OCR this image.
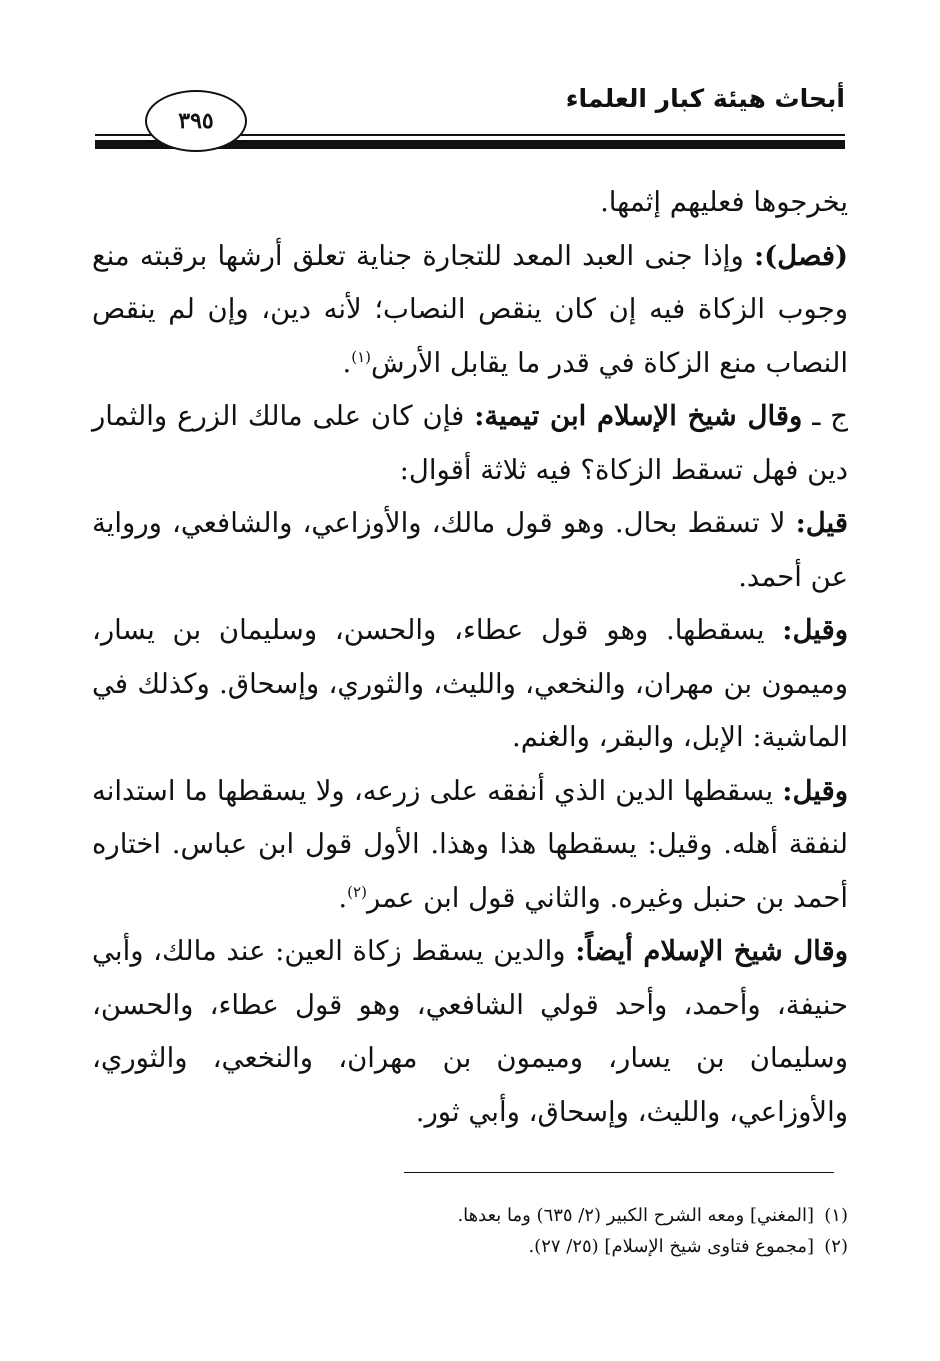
أبحاث هيئة كبار العلماء
٣٩٥

يخرجوها فعليهم إثمها.

(فصل): وإذا جنى العبد المعد للتجارة جناية تعلق أرشها برقبته منع وجوب الزكاة فيه إن كان ينقص النصاب؛ لأنه دين، وإن لم ينقص النصاب منع الزكاة في قدر ما يقابل الأرش$^{(١)}$.

ج ـ وقال شيخ الإسلام ابن تيمية: فإن كان على مالك الزرع والثمار دين فهل تسقط الزكاة؟ فيه ثلاثة أقوال:

قيل: لا تسقط بحال. وهو قول مالك، والأوزاعي، والشافعي، ورواية عن أحمد.

وقيل: يسقطها. وهو قول عطاء، والحسن، وسليمان بن يسار، وميمون بن مهران، والنخعي، والليث، والثوري، وإسحاق. وكذلك في الماشية: الإبل، والبقر، والغنم.

وقيل: يسقطها الدين الذي أنفقه على زرعه، ولا يسقطها ما استدانه لنفقة أهله. وقيل: يسقطها هذا وهذا. الأول قول ابن عباس. اختاره أحمد بن حنبل وغيره. والثاني قول ابن عمر$^{(٢)}$.

وقال شيخ الإسلام أيضاً: والدين يسقط زكاة العين: عند مالك، وأبي حنيفة، وأحمد، وأحد قولي الشافعي، وهو قول عطاء، والحسن، وسليمان بن يسار، وميمون بن مهران، والنخعي، والثوري، والأوزاعي، والليث، وإسحاق، وأبي ثور.

(١)[المغني] ومعه الشرح الكبير (٢/ ٦٣٥) وما بعدها.
(٢)[مجموع فتاوى شيخ الإسلام] (٢٥/ ٢٧).
